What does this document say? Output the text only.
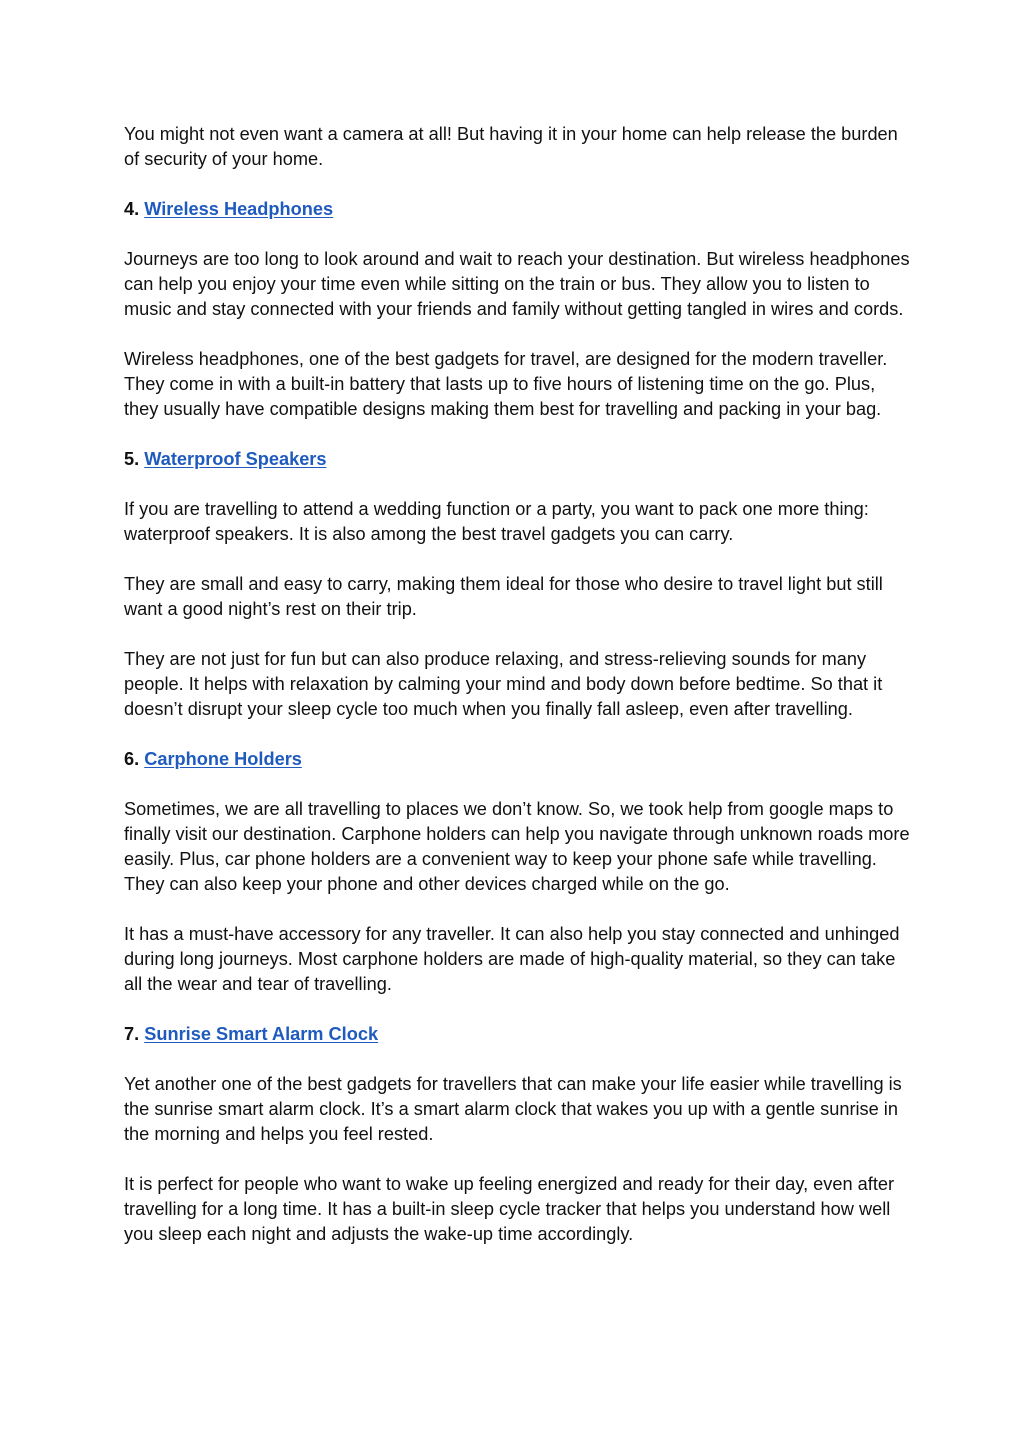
You might not even want a camera at all! But having it in your home can help release the burden of security of your home.

4. Wireless Headphones

Journeys are too long to look around and wait to reach your destination. But wireless headphones can help you enjoy your time even while sitting on the train or bus. They allow you to listen to music and stay connected with your friends and family without getting tangled in wires and cords.

Wireless headphones, one of the best gadgets for travel, are designed for the modern traveller. They come in with a built-in battery that lasts up to five hours of listening time on the go. Plus, they usually have compatible designs making them best for travelling and packing in your bag.

5. Waterproof Speakers

If you are travelling to attend a wedding function or a party, you want to pack one more thing: waterproof speakers. It is also among the best travel gadgets you can carry.

They are small and easy to carry, making them ideal for those who desire to travel light but still want a good night’s rest on their trip.

They are not just for fun but can also produce relaxing, and stress-relieving sounds for many people. It helps with relaxation by calming your mind and body down before bedtime. So that it doesn’t disrupt your sleep cycle too much when you finally fall asleep, even after travelling.

6. Carphone Holders

Sometimes, we are all travelling to places we don’t know. So, we took help from google maps to finally visit our destination. Carphone holders can help you navigate through unknown roads more easily. Plus, car phone holders are a convenient way to keep your phone safe while travelling. They can also keep your phone and other devices charged while on the go.

It has a must-have accessory for any traveller. It can also help you stay connected and unhinged during long journeys. Most carphone holders are made of high-quality material, so they can take all the wear and tear of travelling.

7. Sunrise Smart Alarm Clock

Yet another one of the best gadgets for travellers that can make your life easier while travelling is the sunrise smart alarm clock. It’s a smart alarm clock that wakes you up with a gentle sunrise in the morning and helps you feel rested.

It is perfect for people who want to wake up feeling energized and ready for their day, even after travelling for a long time. It has a built-in sleep cycle tracker that helps you understand how well you sleep each night and adjusts the wake-up time accordingly.
